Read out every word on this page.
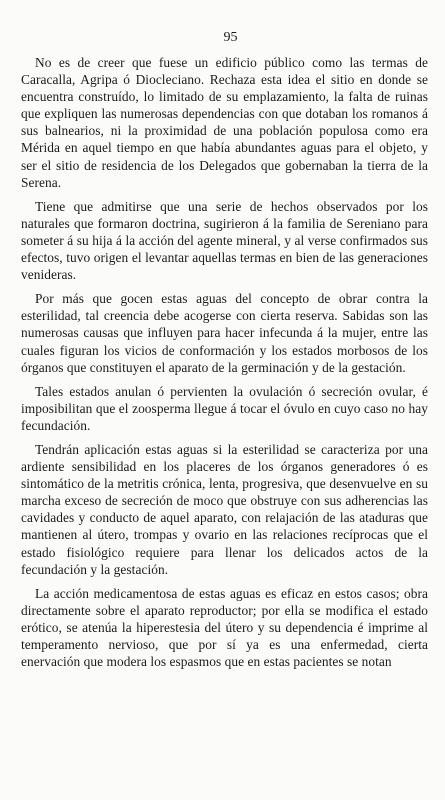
95

No es de creer que fuese un edificio público como las termas de Caracalla, Agripa ó Diocleciano. Rechaza esta idea el sitio en donde se encuentra construído, lo limitado de su emplazamiento, la falta de ruinas que expliquen las numerosas dependencias con que dotaban los romanos á sus balnearios, ni la proximidad de una población populosa como era Mérida en aquel tiempo en que había abundantes aguas para el objeto, y ser el sitio de residencia de los Delegados que gobernaban la tierra de la Serena.

Tiene que admitirse que una serie de hechos observados por los naturales que formaron doctrina, sugirieron á la familia de Sereniano para someter á su hija á la acción del agente mineral, y al verse confirmados sus efectos, tuvo origen el levantar aquellas termas en bien de las generaciones venideras.

Por más que gocen estas aguas del concepto de obrar contra la esterilidad, tal creencia debe acogerse con cierta reserva. Sabidas son las numerosas causas que influyen para hacer infecunda á la mujer, entre las cuales figuran los vicios de conformación y los estados morbosos de los órganos que constituyen el aparato de la germinación y de la gestación.

Tales estados anulan ó pervienten la ovulación ó secreción ovular, é imposibilitan que el zoosperma llegue á tocar el óvulo en cuyo caso no hay fecundación.

Tendrán aplicación estas aguas si la esterilidad se caracteriza por una ardiente sensibilidad en los placeres de los órganos generadores ó es sintomático de la metritis crónica, lenta, progresiva, que desenvuelve en su marcha exceso de secreción de moco que obstruye con sus adherencias las cavidades y conducto de aquel aparato, con relajación de las ataduras que mantienen al útero, trompas y ovario en las relaciones recíprocas que el estado fisiológico requiere para llenar los delicados actos de la fecundación y la gestación.

La acción medicamentosa de estas aguas es eficaz en estos casos; obra directamente sobre el aparato reproductor; por ella se modifica el estado erótico, se atenúa la hiperestesia del útero y su dependencia é imprime al temperamento nervioso, que por sí ya es una enfermedad, cierta enervación que modera los espasmos que en estas pacientes se notan
